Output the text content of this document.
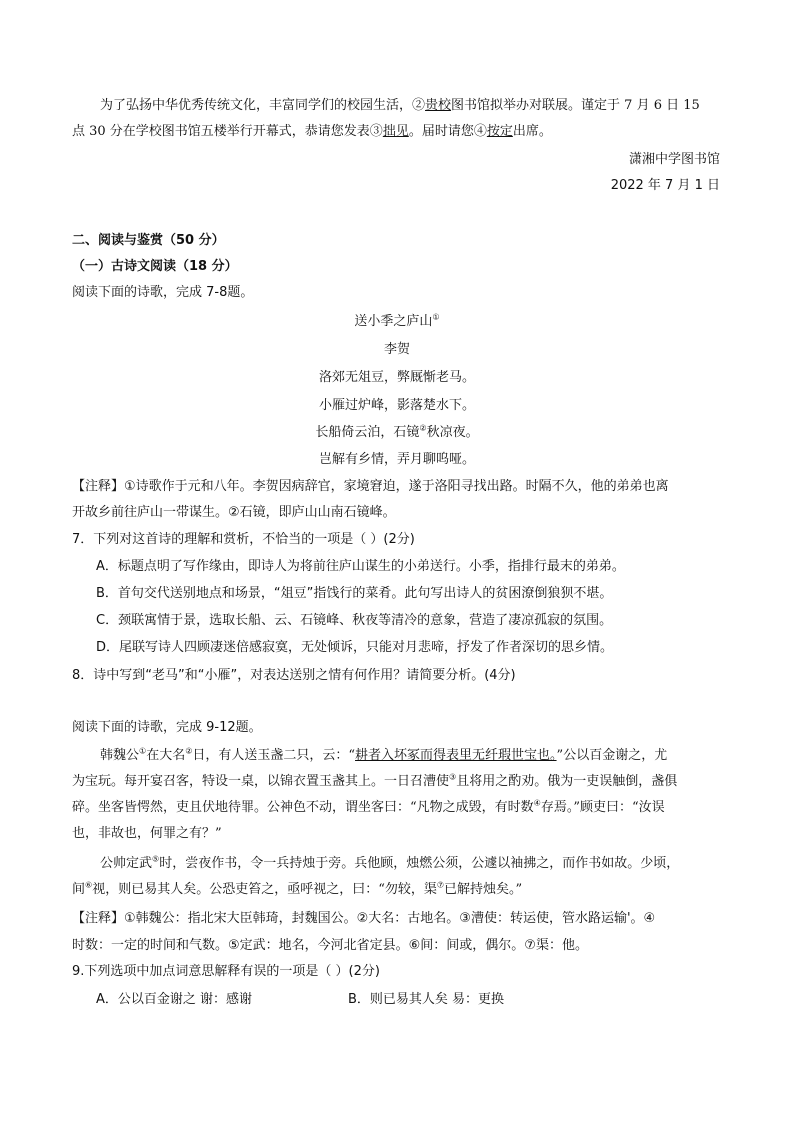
为了弘扬中华优秀传统文化，丰富同学们的校园生活，②贵校图书馆拟举办对联展。谨定于 7 月 6 日 15
点 30 分在学校图书馆五楼举行开幕式，恭请您发表③拙见。届时请您④按定出席。
潇湘中学图书馆
2022 年 7 月 1 日
二、阅读与鉴赏（50 分）
（一）古诗文阅读（18 分）
阅读下面的诗歌，完成 7-8题。
送小季之庐山①
李贺
洛郊无俎豆，弊厩惭老马。
小雁过炉峰，影落楚水下。
长船倚云泊，石镜②秋凉夜。
岂解有乡情，弄月聊呜哑。
【注释】①诗歌作于元和八年。李贺因病辞官，家境窘迫，遂于洛阳寻找出路。时隔不久，他的弟弟也离
开故乡前往庐山一带谋生。②石镜，即庐山山南石镜峰。
7．下列对这首诗的理解和赏析，不恰当的一项是（ ）(2分)
A．标题点明了写作缘由，即诗人为将前往庐山谋生的小弟送行。小季，指排行最末的弟弟。
B．首句交代送别地点和场景，“俎豆”指饯行的菜肴。此句写出诗人的贫困潦倒狼狈不堪。
C．颈联寓情于景，选取长船、云、石镜峰、秋夜等清冷的意象，营造了凄凉孤寂的氛围。
D．尾联写诗人四顾凄迷倍感寂寞，无处倾诉，只能对月悲啼，抒发了作者深切的思乡情。
8．诗中写到“老马”和“小雁”，对表达送别之情有何作用？请简要分析。(4分)
阅读下面的诗歌，完成 9-12题。
韩魏公①在大名②日，有人送玉盏二只，云：“耕者入坏冢而得表里无纤瑕世宝也。”公以百金谢之，尤
为宝玩。每开宴召客，特设一桌，以锦衣置玉盏其上。一日召漕使③且将用之酌劝。俄为一吏误触倒，盏俱
碎。坐客皆愕然，吏且伏地待罪。公神色不动，谓坐客曰：“凡物之成毁，有时数④存焉。”顾吏曰：“汝误
也，非故也，何罪之有？”
公帅定武⑤时，尝夜作书，令一兵持烛于旁。兵他顾，烛燃公须，公遽以袖拂之，而作书如故。少顷，
间⑥视，则已易其人矣。公恐吏笞之，亟呼视之，曰：“勿较，渠⑦已解持烛矣。”
【注释】①韩魏公：指北宋大臣韩琦，封魏国公。②大名：古地名。③漕使：转运使，管水路运输'。④
时数：一定的时间和气数。⑤定武：地名，今河北省定县。⑥间：间或，偶尔。⑦渠：他。
9.下列选项中加点词意思解释有误的一项是（ ）(2分)
A．公以百金谢之 谢：感谢	B．则已易其人矣 易：更换
